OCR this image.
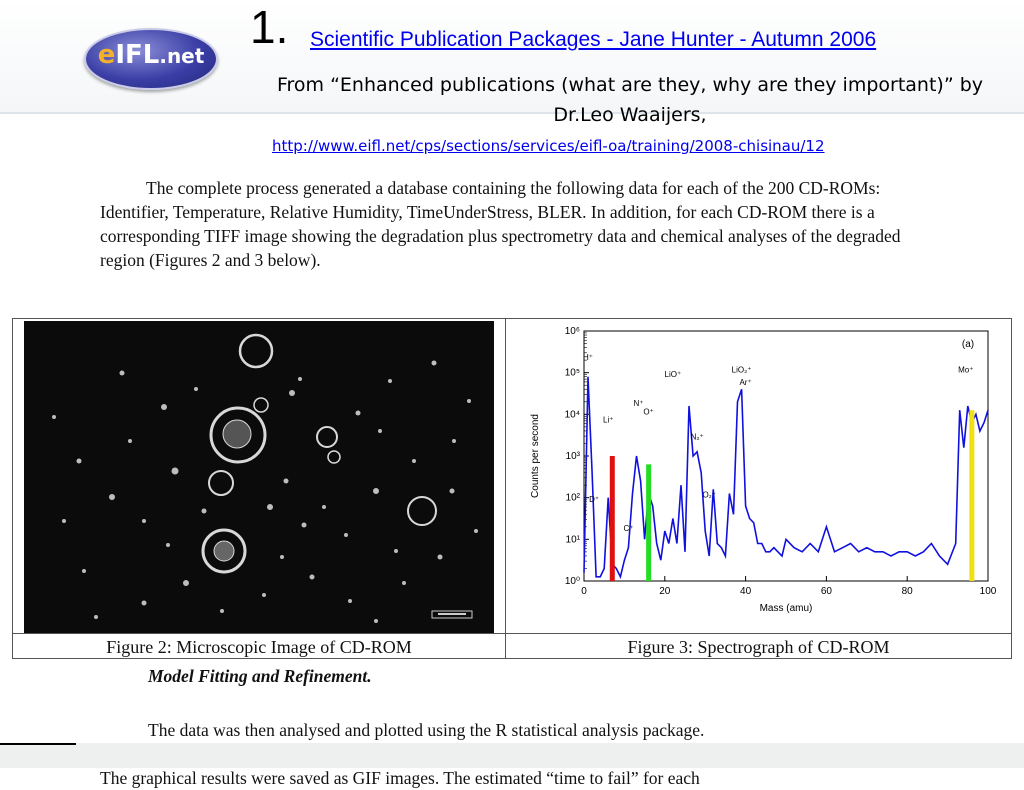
eIFL.net
1. Scientific Publication Packages - Jane Hunter - Autumn 2006
From “Enhanced publications (what are they, why are they important)” by Dr.Leo Waaijers,
http://www.eifl.net/cps/sections/services/eifl-oa/training/2008-chisinau/12
The complete process generated a database containing the following data for each of the 200 CD-ROMs: Identifier, Temperature, Relative Humidity, TimeUnderStress, BLER. In addition, for each CD-ROM there is a corresponding TIFF image showing the degradation plus spectrometry data and chemical analyses of the degraded region (Figures 2 and 3 below).
0	20	40	60	80	100
10⁰
10¹
10²
10³
10⁴
10⁵
10⁶
Mass (amu)
Counts per second
(a)
H⁺
D⁺
Li⁺
C⁺
N⁺
O⁺
LiO⁺
N₂⁺
O₂⁺
LiO₂⁺
Ar⁺
Mo⁺
Figure 2: Microscopic Image of CD-ROM	Figure 3: Spectrograph of CD-ROM
Model Fitting and Refinement.

The data was then analysed and plotted using the R statistical analysis package.

The graphical results were saved as GIF images. The estimated “time to fail” for each
